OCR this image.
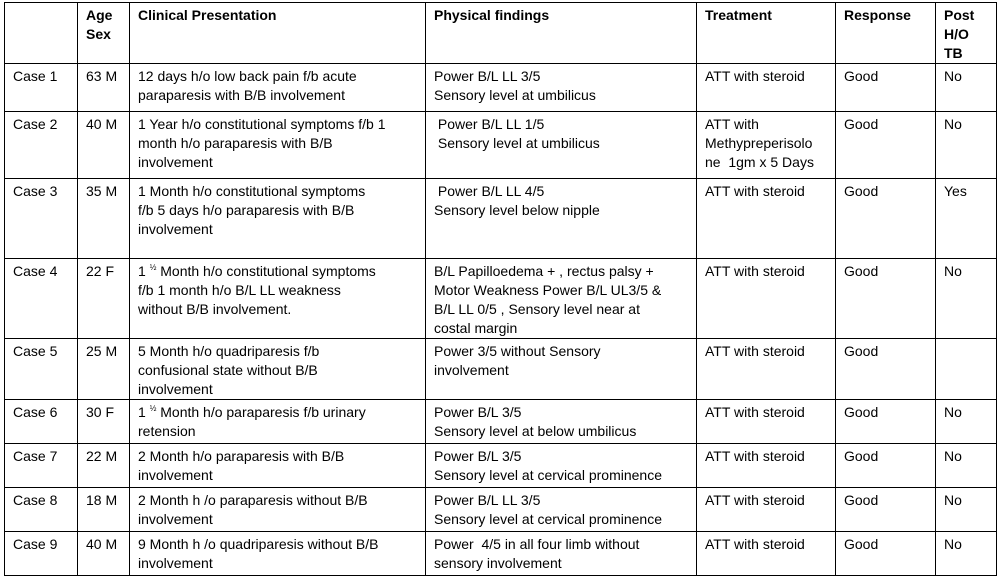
	Age
Sex	Clinical Presentation	Physical findings	Treatment	Response	Post
H/O
TB

Case 1	63 M	12 days h/o low back pain f/b acute
paraparesis with B/B involvement	Power B/L LL 3/5
Sensory level at umbilicus	ATT with steroid	Good	No
Case 2	40 M	1 Year h/o constitutional symptoms f/b 1
month h/o paraparesis with B/B
involvement	Power B/L LL 1/5
Sensory level at umbilicus	ATT with
Methypreperisolo
ne  1gm x 5 Days	Good	No
Case 3	35 M	1 Month h/o constitutional symptoms
f/b 5 days h/o paraparesis with B/B
involvement	Power B/L LL 4/5
Sensory level below nipple	ATT with steroid	Good	Yes
Case 4	22 F	1 $^{\frac{1}{2}}$ Month h/o constitutional symptoms
f/b 1 month h/o B/L LL weakness
without B/B involvement.	B/L Papilloedema + , rectus palsy +
Motor Weakness Power B/L UL3/5 &
B/L LL 0/5 , Sensory level near at
costal margin	ATT with steroid	Good	No
Case 5	25 M	5 Month h/o quadriparesis f/b
confusional state without B/B
involvement	Power 3/5 without Sensory
involvement	ATT with steroid	Good	
Case 6	30 F	1 $^{\frac{1}{2}}$ Month h/o paraparesis f/b urinary
retension	Power B/L 3/5
Sensory level at below umbilicus	ATT with steroid	Good	No
Case 7	22 M	2 Month h/o paraparesis with B/B
involvement	Power B/L 3/5
Sensory level at cervical prominence	ATT with steroid	Good	No
Case 8	18 M	2 Month h /o paraparesis without B/B
involvement	Power B/L LL 3/5
Sensory level at cervical prominence	ATT with steroid	Good	No
Case 9	40 M	9 Month h /o quadriparesis without B/B
involvement	Power  4/5 in all four limb without
sensory involvement	ATT with steroid	Good	No
